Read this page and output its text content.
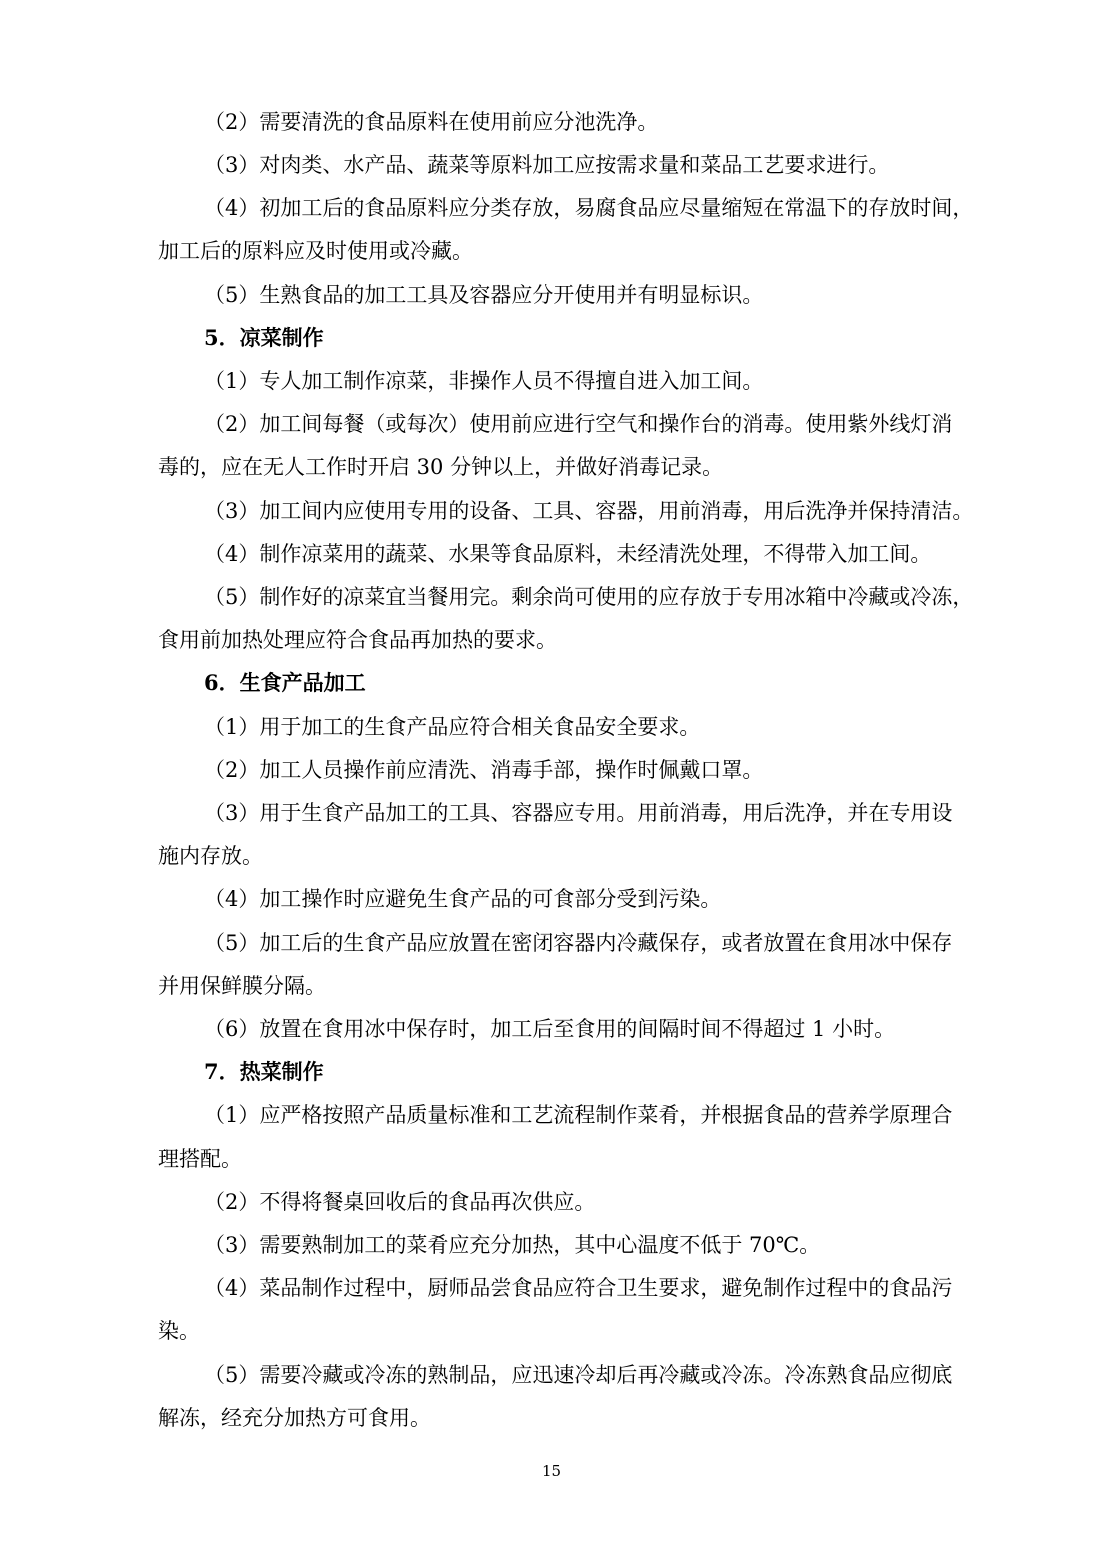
（2）需要清洗的食品原料在使用前应分池洗净。
（3）对肉类、水产品、蔬菜等原料加工应按需求量和菜品工艺要求进行。
（4）初加工后的食品原料应分类存放，易腐食品应尽量缩短在常温下的存放时间，
加工后的原料应及时使用或冷藏。
（5）生熟食品的加工工具及容器应分开使用并有明显标识。
5．凉菜制作
（1）专人加工制作凉菜，非操作人员不得擅自进入加工间。
（2）加工间每餐（或每次）使用前应进行空气和操作台的消毒。使用紫外线灯消
毒的，应在无人工作时开启 30 分钟以上，并做好消毒记录。
（3）加工间内应使用专用的设备、工具、容器，用前消毒，用后洗净并保持清洁。
（4）制作凉菜用的蔬菜、水果等食品原料，未经清洗处理，不得带入加工间。
（5）制作好的凉菜宜当餐用完。剩余尚可使用的应存放于专用冰箱中冷藏或冷冻，
食用前加热处理应符合食品再加热的要求。
6．生食产品加工
（1）用于加工的生食产品应符合相关食品安全要求。
（2）加工人员操作前应清洗、消毒手部，操作时佩戴口罩。
（3）用于生食产品加工的工具、容器应专用。用前消毒，用后洗净，并在专用设
施内存放。
（4）加工操作时应避免生食产品的可食部分受到污染。
（5）加工后的生食产品应放置在密闭容器内冷藏保存，或者放置在食用冰中保存
并用保鲜膜分隔。
（6）放置在食用冰中保存时，加工后至食用的间隔时间不得超过 1 小时。
7．热菜制作
（1）应严格按照产品质量标准和工艺流程制作菜肴，并根据食品的营养学原理合
理搭配。
（2）不得将餐桌回收后的食品再次供应。
（3）需要熟制加工的菜肴应充分加热，其中心温度不低于 70℃。
（4）菜品制作过程中，厨师品尝食品应符合卫生要求，避免制作过程中的食品污
染。
（5）需要冷藏或冷冻的熟制品，应迅速冷却后再冷藏或冷冻。冷冻熟食品应彻底
解冻，经充分加热方可食用。
15
